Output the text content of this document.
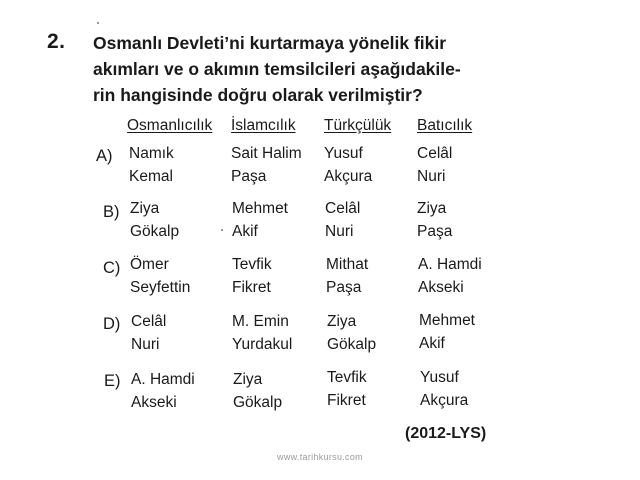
2. Osmanlı Devleti’ni kurtarmaya yönelik fikir
akımları ve o akımın temsilcileri aşağıdakile-
rin hangisinde doğru olarak verilmiştir?
Osmanlıcılık İslamcılık Türkçülük Batıcılık
A) Namık
Kemal
Sait Halim
Paşa
Yusuf
Akçura
Celâl
Nuri
B) Ziya
Gökalp
Mehmet
Akif
Celâl
Nuri
Ziya
Paşa
C) Ömer
Seyfettin
Tevfik
Fikret
Mithat
Paşa
A. Hamdi
Akseki
D) Celâl
Nuri
M. Emin
Yurdakul
Ziya
Gökalp
Mehmet
Akif
E) A. Hamdi
Akseki
Ziya
Gökalp
Tevfik
Fikret
Yusuf
Akçura
(2012-LYS)
www.tarihkursu.com
